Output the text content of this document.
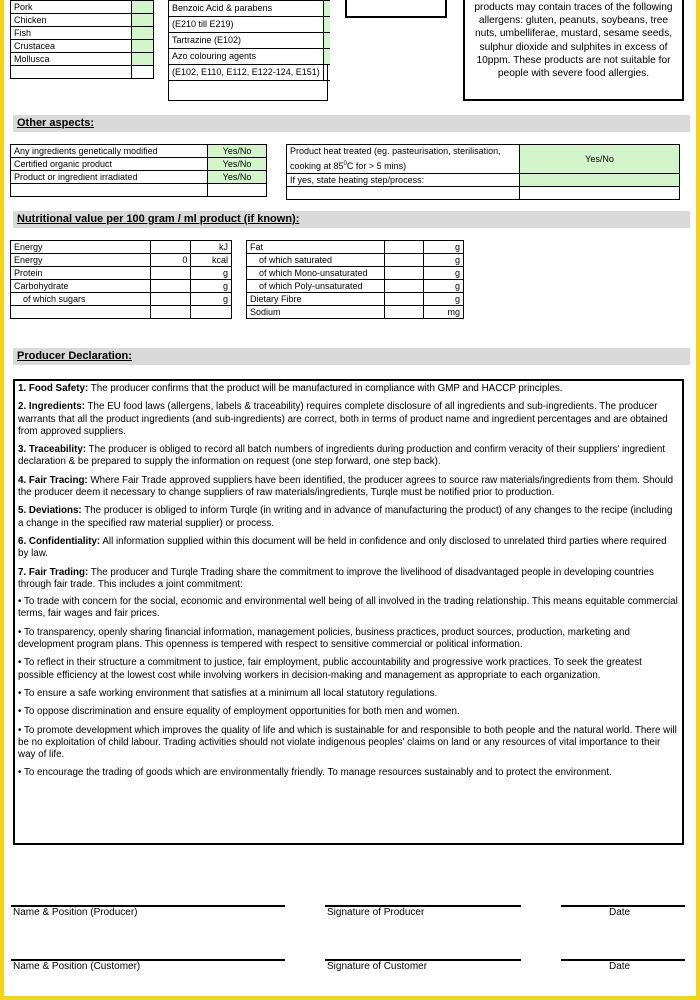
Pork	
Chicken	
Fish	
Crustacea	
Mollusca	

Benzoic Acid & parabens	
(E210 till E219)	
Tartrazine (E102)	
Azo colouring agents	
(E102, E110, E112, E122-124, E151)	
products may contain traces of the following allergens: gluten, peanuts, soybeans, tree nuts, umbelliferae, mustard, sesame seeds, sulphur dioxide and sulphites in excess of 10ppm. These products are not suitable for people with severe food allergies.
Other aspects:
Any ingredients genetically modified	Yes/No
Certified organic product	Yes/No
Product or ingredient irradiated	Yes/No

Product heat treated (eg. pasteurisation, sterilisation,
cooking at $85^0C$ for > 5 mins)	Yes/No
If yes, state heating step/process:	

Nutritional value per 100 gram / ml product (if known):
Energy		kJ
Energy	0	kcal
Protein		g
Carbohydrate		g
of which sugars		g

Fat		g
of which saturated		g
of which Mono-unsaturated		g
of which Poly-unsaturated		g
Dietary Fibre		g
Sodium		mg
Producer Declaration:

1. Food Safety: The producer confirms that the product will be manufactured in compliance with GMP and HACCP principles.

2. Ingredients: The EU food laws (allergens, labels & traceability) requires complete disclosure of all ingredients and sub-ingredients. The producer warrants that all the product ingredients (and sub-ingredients) are correct, both in terms of product name and ingredient percentages and are obtained from approved suppliers.

3. Traceability: The producer is obliged to record all batch numbers of ingredients during production and confirm veracity of their suppliers' ingredient declaration & be prepared to supply the information on request (one step forward, one step back).

4. Fair Tracing: Where Fair Trade approved suppliers have been identified, the producer agrees to source raw materials/ingredients from them. Should the producer deem it necessary to change suppliers of raw materials/ingredients, Turqle must be notified prior to production.

5. Deviations: The producer is obliged to inform Turqle (in writing and in advance of manufacturing the product) of any changes to the recipe (including a change in the specified raw material supplier) or process.

6. Confidentiality: All information supplied within this document will be held in confidence and only disclosed to unrelated third parties where required by law.

7. Fair Trading: The producer and Turqle Trading share the commitment to improve the livelihood of disadvantaged people in developing countries through fair trade. This includes a joint commitment:

• To trade with concern for the social, economic and environmental well being of all involved in the trading relationship. This means equitable commercial terms, fair wages and fair prices.

• To transparency, openly sharing financial information, management policies, business practices, product sources, production, marketing and development program plans. This openness is tempered with respect to sensitive commercial or political information.

• To reflect in their structure a commitment to justice, fair employment, public accountability and progressive work practices. To seek the greatest possible efficiency at the lowest cost while involving workers in decision-making and management as appropriate to each organization.

• To ensure a safe working environment that satisfies at a minimum all local statutory regulations.

• To oppose discrimination and ensure equality of employment opportunities for both men and women.

• To promote development which improves the quality of life and which is sustainable for and responsible to both people and the natural world. There will be no exploitation of child labour. Trading activities should not violate indigenous peoples' claims on land or any resources of vital importance to their way of life.

• To encourage the trading of goods which are environmentally friendly. To manage resources sustainably and to protect the environment.

Name & Position (Producer)	Signature of Producer	Date
Name & Position (Customer)	Signature of Customer	Date
